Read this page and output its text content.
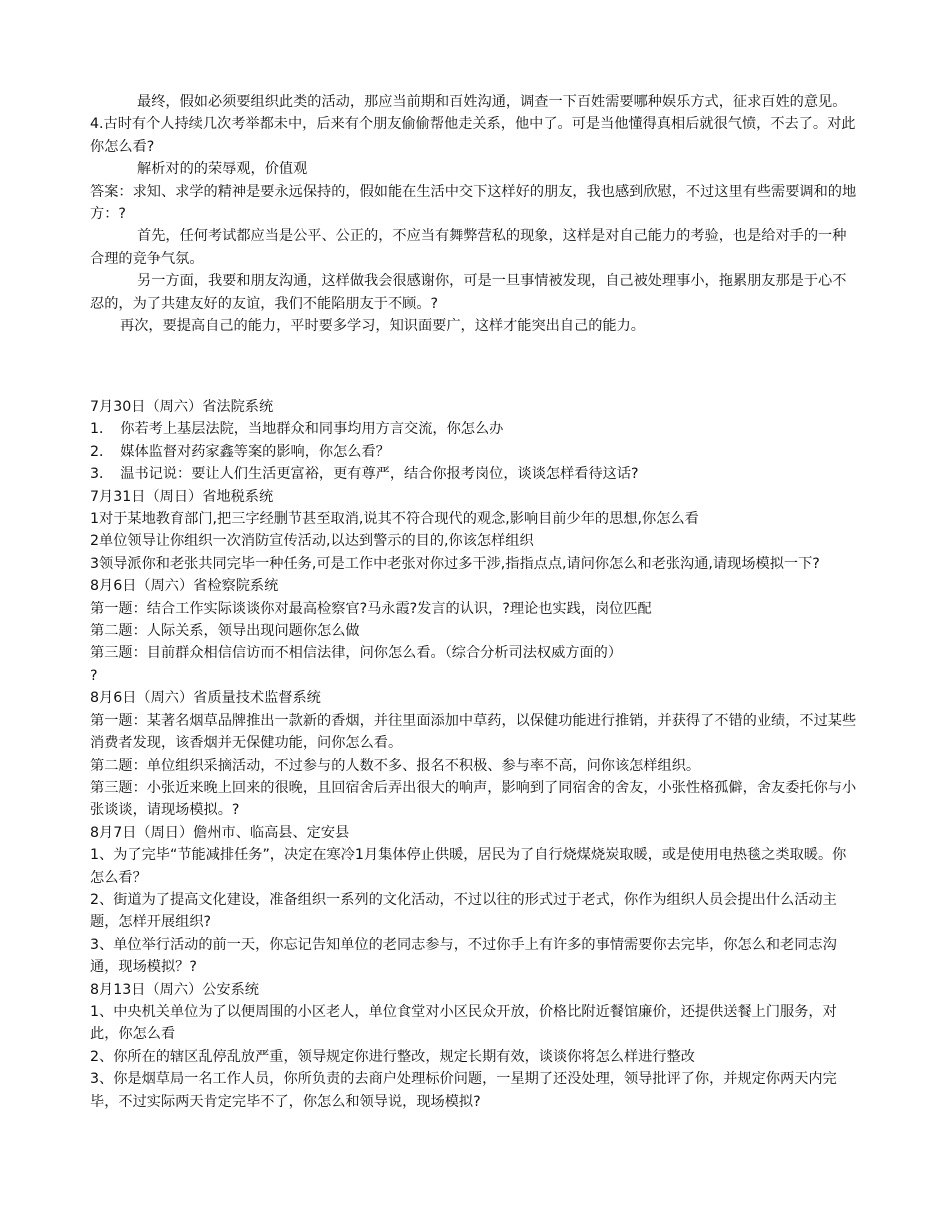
最终，假如必须要组织此类的活动，那应当前期和百姓沟通，调查一下百姓需要哪种娱乐方式，征求百姓的意见。

4.古时有个人持续几次考举都未中，后来有个朋友偷偷帮他走关系，他中了。可是当他懂得真相后就很气愤，不去了。对此你怎么看?

解析对的的荣辱观，价值观

答案：求知、求学的精神是要永远保持的，假如能在生活中交下这样好的朋友，我也感到欣慰，不过这里有些需要调和的地方：?

首先，任何考试都应当是公平、公正的，不应当有舞弊营私的现象，这样是对自己能力的考验，也是给对手的一种合理的竞争气氛。

另一方面，我要和朋友沟通，这样做我会很感谢你，可是一旦事情被发现，自己被处理事小，拖累朋友那是于心不忍的，为了共建友好的友谊，我们不能陷朋友于不顾。?

再次，要提高自己的能力，平时要多学习，知识面要广，这样才能突出自己的能力。

7月30日（周六）省法院系统

1．　你若考上基层法院，当地群众和同事均用方言交流，你怎么办

2．　媒体监督对药家鑫等案的影响，你怎么看？

3．　温书记说：要让人们生活更富裕，更有尊严，结合你报考岗位，谈谈怎样看待这话?

7月31日（周日）省地税系统

1对于某地教育部门,把三字经删节甚至取消,说其不符合现代的观念,影响目前少年的思想,你怎么看

2单位领导让你组织一次消防宣传活动,以达到警示的目的,你该怎样组织

3领导派你和老张共同完毕一种任务,可是工作中老张对你过多干涉,指指点点,请问你怎么和老张沟通,请现场模拟一下?

8月6日（周六）省检察院系统

第一题：结合工作实际谈谈你对最高检察官?马永霞?发言的认识，?理论也实践，岗位匹配

第二题：人际关系，领导出现问题你怎么做

第三题：目前群众相信信访而不相信法律，问你怎么看。（综合分析司法权威方面的）

?

8月6日（周六）省质量技术监督系统

第一题：某著名烟草品牌推出一款新的香烟，并往里面添加中草药，以保健功能进行推销，并获得了不错的业绩，不过某些消费者发现，该香烟并无保健功能，问你怎么看。

第二题：单位组织采摘活动，不过参与的人数不多、报名不积极、参与率不高，问你该怎样组织。

第三题：小张近来晚上回来的很晚，且回宿舍后弄出很大的响声，影响到了同宿舍的舍友，小张性格孤僻，舍友委托你与小张谈谈，请现场模拟。?

8月7日（周日）儋州市、临高县、定安县

1、为了完毕“节能减排任务”，决定在寒冷1月集体停止供暖，居民为了自行烧煤烧炭取暖，或是使用电热毯之类取暖。你怎么看？

2、街道为了提高文化建设，准备组织一系列的文化活动，不过以往的形式过于老式，你作为组织人员会提出什么活动主题，怎样开展组织?

3、单位举行活动的前一天，你忘记告知单位的老同志参与，不过你手上有许多的事情需要你去完毕，你怎么和老同志沟通，现场模拟？?

8月13日（周六）公安系统

1、中央机关单位为了以便周围的小区老人，单位食堂对小区民众开放，价格比附近餐馆廉价，还提供送餐上门服务，对此，你怎么看

2、你所在的辖区乱停乱放严重，领导规定你进行整改，规定长期有效，谈谈你将怎么样进行整改

3、你是烟草局一名工作人员，你所负责的去商户处理标价问题，一星期了还没处理，领导批评了你，并规定你两天内完毕，不过实际两天肯定完毕不了，你怎么和领导说，现场模拟?
